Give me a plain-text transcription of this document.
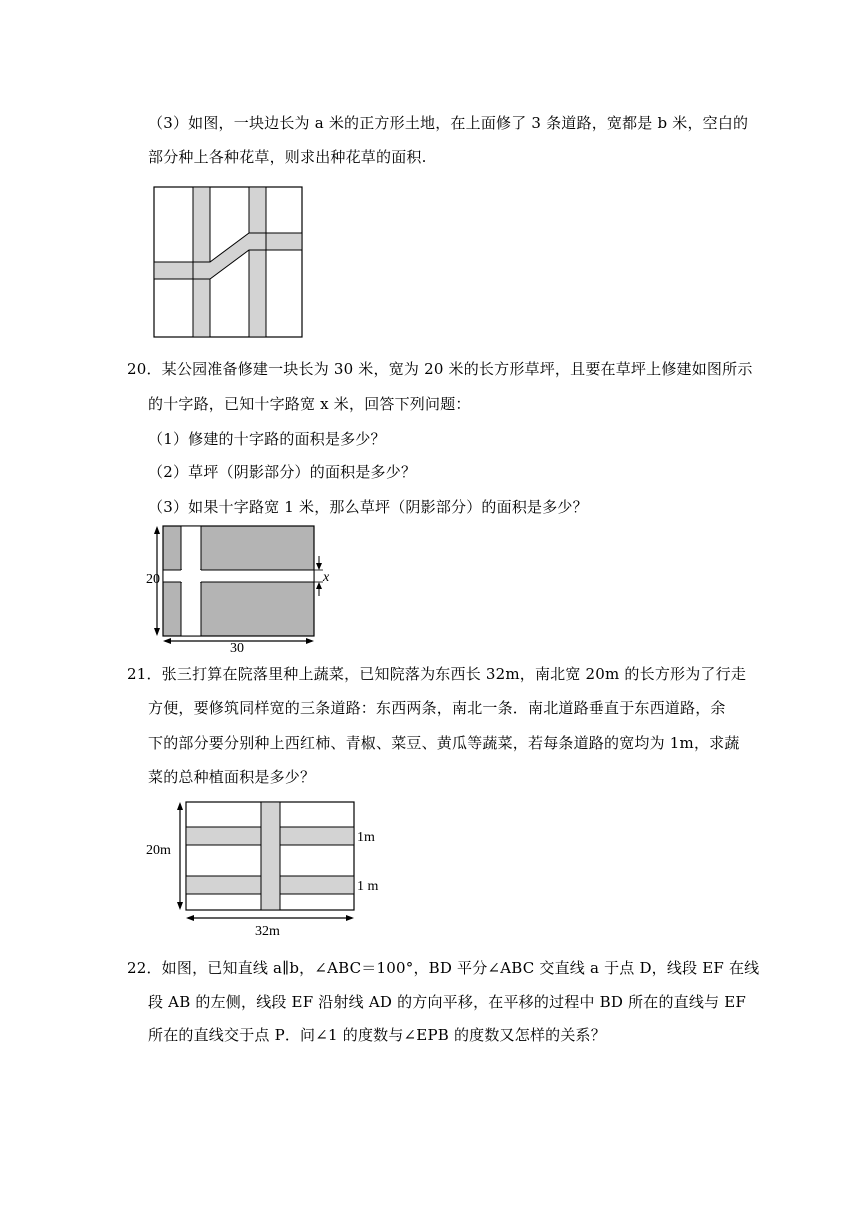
（3）如图，一块边长为 a 米的正方形土地，在上面修了 3 条道路，宽都是 b 米，空白的
部分种上各种花草，则求出种花草的面积.
20．某公园准备修建一块长为 30 米，宽为 20 米的长方形草坪，且要在草坪上修建如图所示
的十字路，已知十字路宽 x 米，回答下列问题：
（1）修建的十字路的面积是多少？
（2）草坪（阴影部分）的面积是多少？
（3）如果十字路宽 1 米，那么草坪（阴影部分）的面积是多少？
20
30
x
21．张三打算在院落里种上蔬菜，已知院落为东西长 32m，南北宽 20m 的长方形为了行走
方便，要修筑同样宽的三条道路：东西两条，南北一条．南北道路垂直于东西道路，余
下的部分要分别种上西红柿、青椒、菜豆、黄瓜等蔬菜，若每条道路的宽均为 1m，求蔬
菜的总种植面积是多少？
20m
32m
1m
1 m
22．如图，已知直线 a∥b，∠ABC＝100°，BD 平分∠ABC 交直线 a 于点 D，线段 EF 在线
段 AB 的左侧，线段 EF 沿射线 AD 的方向平移，在平移的过程中 BD 所在的直线与 EF
所在的直线交于点 P．问∠1 的度数与∠EPB 的度数又怎样的关系？
